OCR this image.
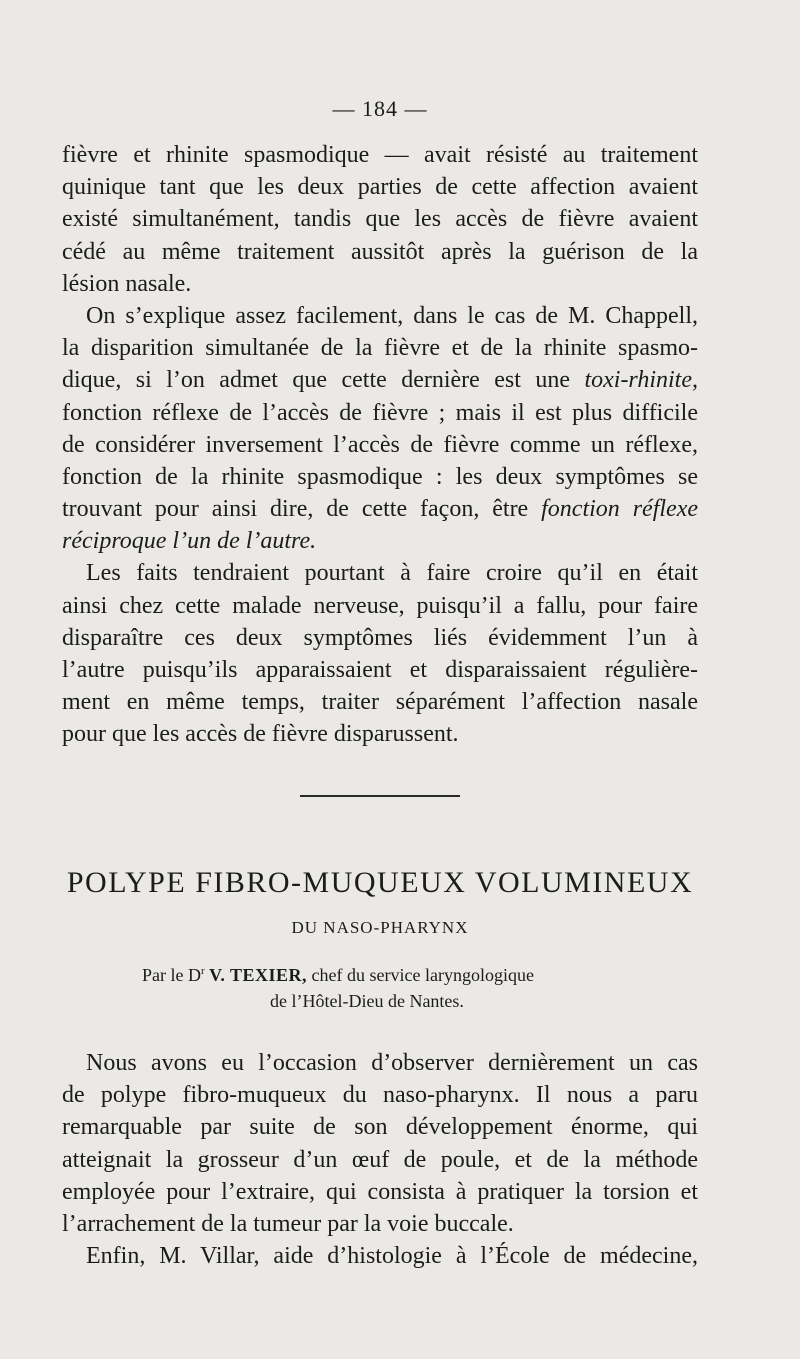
— 184 —
fièvre et rhinite spasmodique — avait résisté au traitement
quinique tant que les deux parties de cette affection avaient
existé simultanément, tandis que les accès de fièvre avaient
cédé au même traitement aussitôt après la guérison de la
lésion nasale.
On s’explique assez facilement, dans le cas de M. Chappell,
la disparition simultanée de la fièvre et de la rhinite spasmo-
dique, si l’on admet que cette dernière est une toxi-rhinite,
fonction réflexe de l’accès de fièvre ; mais il est plus difficile
de considérer inversement l’accès de fièvre comme un réflexe,
fonction de la rhinite spasmodique : les deux symptômes se
trouvant pour ainsi dire, de cette façon, être fonction réflexe
réciproque l’un de l’autre.
Les faits tendraient pourtant à faire croire qu’il en était
ainsi chez cette malade nerveuse, puisqu’il a fallu, pour faire
disparaître ces deux symptômes liés évidemment l’un à
l’autre puisqu’ils apparaissaient et disparaissaient régulière-
ment en même temps, traiter séparément l’affection nasale
pour que les accès de fièvre disparussent.
POLYPE FIBRO-MUQUEUX VOLUMINEUX
DU NASO-PHARYNX
Par le $D^r$ V. TEXIER, chef du service laryngologique
de l’Hôtel-Dieu de Nantes.
Nous avons eu l’occasion d’observer dernièrement un cas
de polype fibro-muqueux du naso-pharynx. Il nous a paru
remarquable par suite de son développement énorme, qui
atteignait la grosseur d’un œuf de poule, et de la méthode
employée pour l’extraire, qui consista à pratiquer la torsion et
l’arrachement de la tumeur par la voie buccale.
Enfin, M. Villar, aide d’histologie à l’École de médecine,
